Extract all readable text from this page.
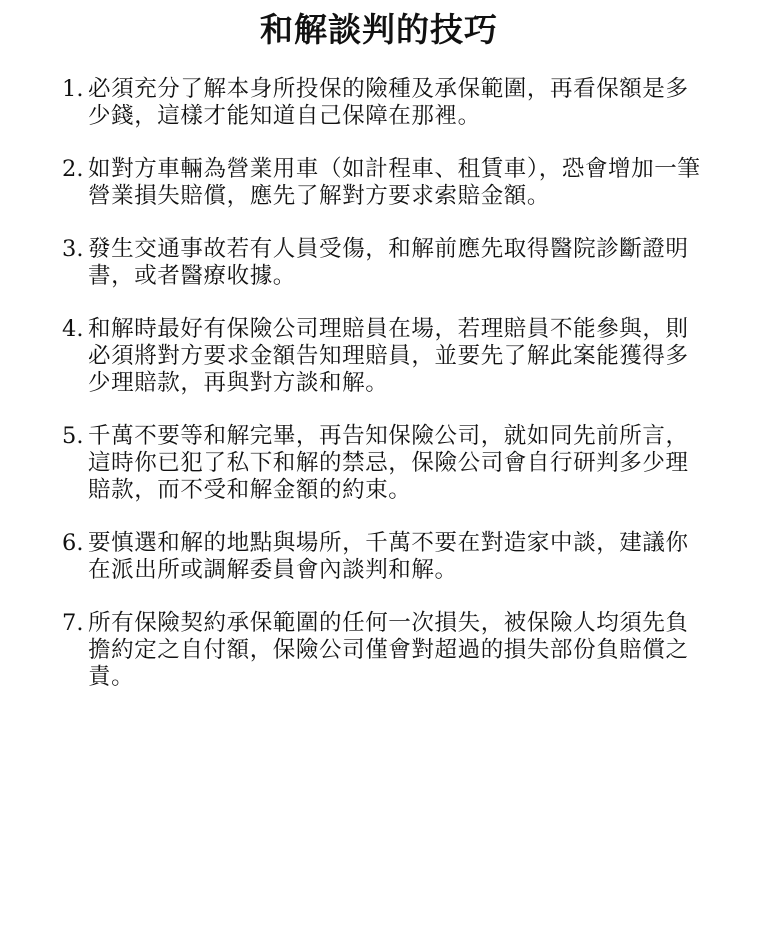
和解談判的技巧
1. 必須充分了解本身所投保的險種及承保範圍，再看保額是多少錢，這樣才能知道自己保障在那裡。
2. 如對方車輛為營業用車（如計程車、租賃車），恐會增加一筆營業損失賠償，應先了解對方要求索賠金額。
3. 發生交通事故若有人員受傷，和解前應先取得醫院診斷證明書，或者醫療收據。
4. 和解時最好有保險公司理賠員在場，若理賠員不能參與，則必須將對方要求金額告知理賠員，並要先了解此案能獲得多少理賠款，再與對方談和解。
5. 千萬不要等和解完畢，再告知保險公司，就如同先前所言，這時你已犯了私下和解的禁忌，保險公司會自行研判多少理賠款，而不受和解金額的約束。
6. 要慎選和解的地點與場所，千萬不要在對造家中談，建議你在派出所或調解委員會內談判和解。
7. 所有保險契約承保範圍的任何一次損失，被保險人均須先負擔約定之自付額，保險公司僅會對超過的損失部份負賠償之責。
